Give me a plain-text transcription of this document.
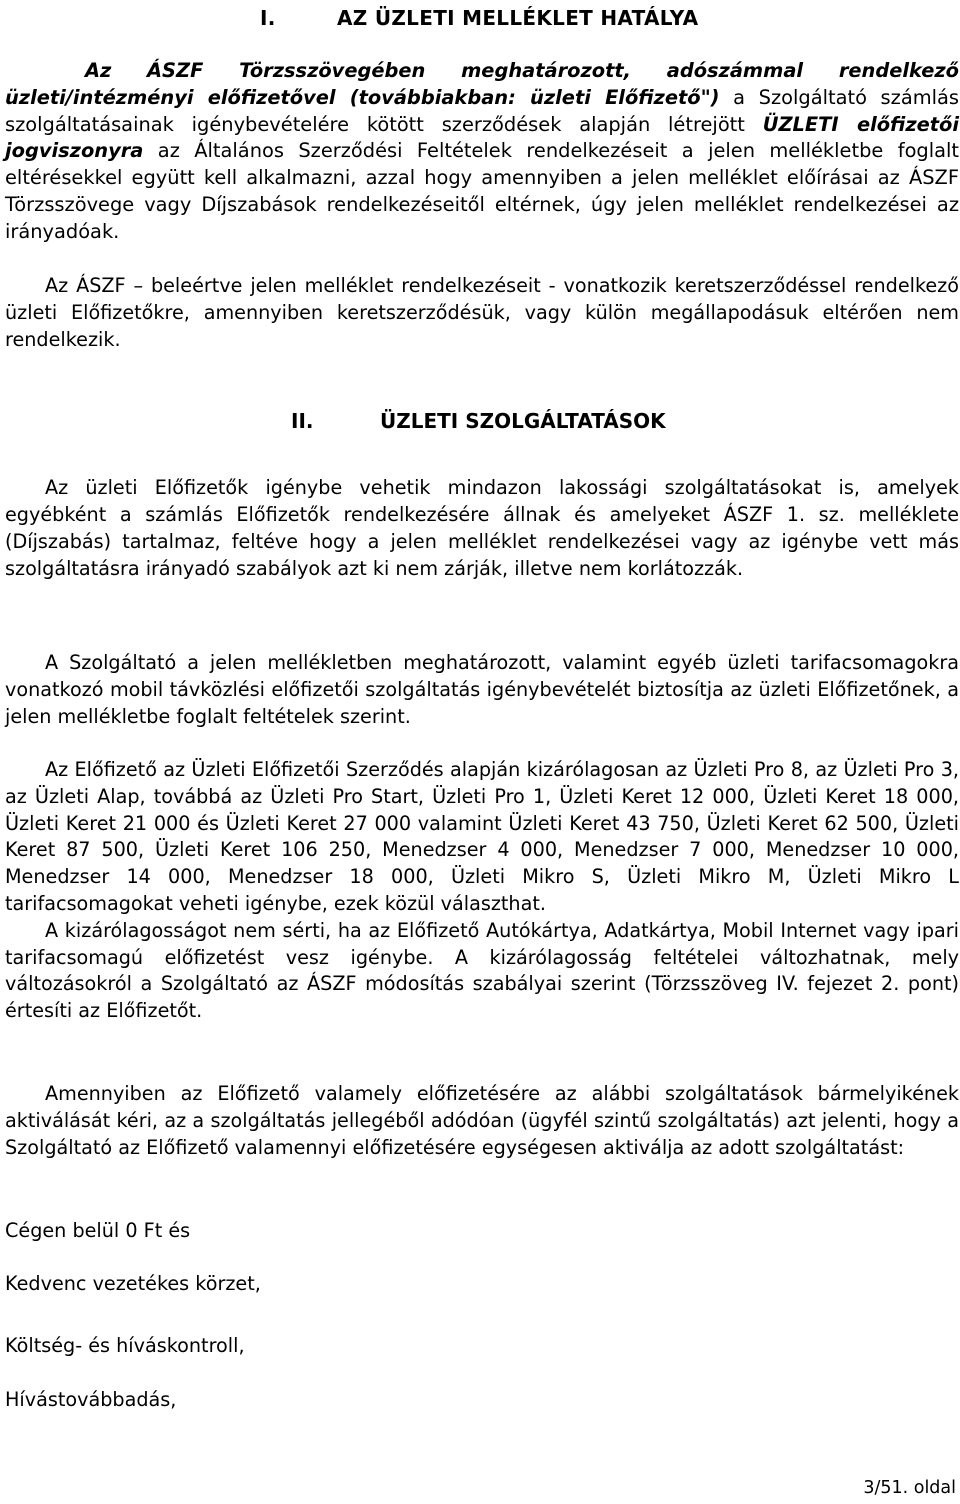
I.	AZ ÜZLETI MELLÉKLET HATÁLYA
Az ÁSZF Törzsszövegében meghatározott, adószámmal rendelkező üzleti/intézményi előfizetővel (továbbiakban: üzleti Előfizető") a Szolgáltató számlás szolgáltatásainak igénybevételére kötött szerződések alapján létrejött ÜZLETI előfizetői jogviszonyra az Általános Szerződési Feltételek rendelkezéseit a jelen mellékletbe foglalt eltérésekkel együtt kell alkalmazni, azzal hogy amennyiben a jelen melléklet előírásai az ÁSZF Törzsszövege vagy Díjszabások rendelkezéseitől eltérnek, úgy jelen melléklet rendelkezései az irányadóak.
Az ÁSZF – beleértve jelen melléklet rendelkezéseit - vonatkozik keretszerződéssel rendelkező üzleti Előfizetőkre, amennyiben keretszerződésük, vagy külön megállapodásuk eltérően nem rendelkezik.
II.	ÜZLETI SZOLGÁLTATÁSOK
Az üzleti Előfizetők igénybe vehetik mindazon lakossági szolgáltatásokat is, amelyek egyébként a számlás Előfizetők rendelkezésére állnak és amelyeket ÁSZF 1. sz. melléklete (Díjszabás) tartalmaz, feltéve hogy a jelen melléklet rendelkezései vagy az igénybe vett más szolgáltatásra irányadó szabályok azt ki nem zárják, illetve nem korlátozzák.
A Szolgáltató a jelen mellékletben meghatározott, valamint egyéb üzleti tarifacsomagokra vonatkozó mobil távközlési előfizetői szolgáltatás igénybevételét biztosítja az üzleti Előfizetőnek, a jelen mellékletbe foglalt feltételek szerint.
Az Előfizető az Üzleti Előfizetői Szerződés alapján kizárólagosan az Üzleti Pro 8, az Üzleti Pro 3, az Üzleti Alap, továbbá az Üzleti Pro Start, Üzleti Pro 1, Üzleti Keret 12 000, Üzleti Keret 18 000, Üzleti Keret 21 000 és Üzleti Keret 27 000 valamint Üzleti Keret 43 750, Üzleti Keret 62 500, Üzleti Keret 87 500, Üzleti Keret 106 250, Menedzser 4 000, Menedzser 7 000, Menedzser 10 000, Menedzser 14 000, Menedzser 18 000, Üzleti Mikro S, Üzleti Mikro M, Üzleti Mikro L tarifacsomagokat veheti igénybe, ezek közül választhat.
A kizárólagosságot nem sérti, ha az Előfizető Autókártya, Adatkártya, Mobil Internet vagy ipari tarifacsomagú előfizetést vesz igénybe. A kizárólagosság feltételei változhatnak, mely változásokról a Szolgáltató az ÁSZF módosítás szabályai szerint (Törzsszöveg IV. fejezet 2. pont) értesíti az Előfizetőt.
Amennyiben az Előfizető valamely előfizetésére az alábbi szolgáltatások bármelyikének aktiválását kéri, az a szolgáltatás jellegéből adódóan (ügyfél szintű szolgáltatás) azt jelenti, hogy a Szolgáltató az Előfizető valamennyi előfizetésére egységesen aktiválja az adott szolgáltatást:
Cégen belül 0 Ft és
Kedvenc vezetékes körzet,
Költség- és híváskontroll,
Hívástovábbadás,
3/51. oldal
